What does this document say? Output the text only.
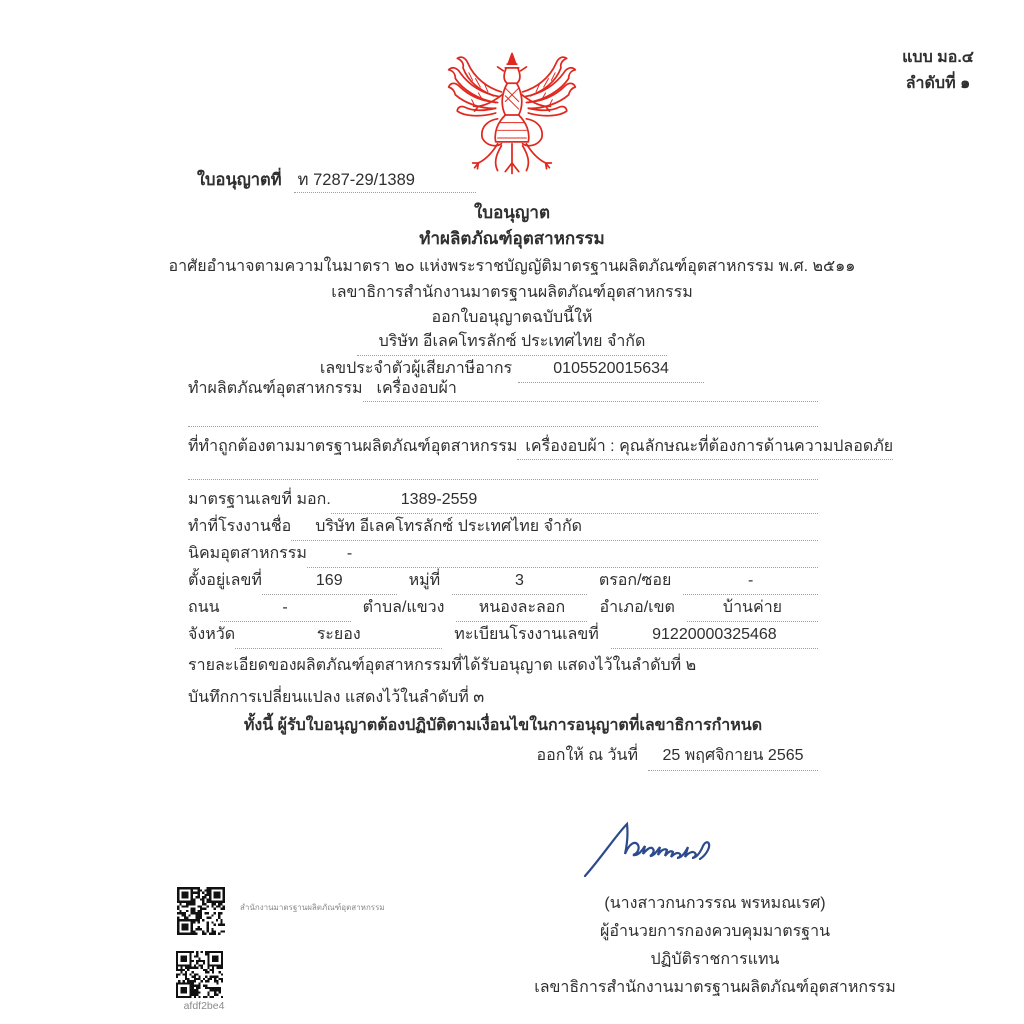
แบบ มอ.๔
ลำดับที่ ๑
ใบอนุญาตที่ ท 7287-29/1389
ใบอนุญาต
ทำผลิตภัณฑ์อุตสาหกรรม
อาศัยอำนาจตามความในมาตรา ๒๐ แห่งพระราชบัญญัติมาตรฐานผลิตภัณฑ์อุตสาหกรรม พ.ศ. ๒๕๑๑
เลขาธิการสำนักงานมาตรฐานผลิตภัณฑ์อุตสาหกรรม
ออกใบอนุญาตฉบับนี้ให้
บริษัท อีเลคโทรลักซ์ ประเทศไทย จำกัด
เลขประจำตัวผู้เสียภาษีอากร	0105520015634
ทำผลิตภัณฑ์อุตสาหกรรม เครื่องอบผ้า
ที่ทำถูกต้องตามมาตรฐานผลิตภัณฑ์อุตสาหกรรม เครื่องอบผ้า : คุณลักษณะที่ต้องการด้านความปลอดภัย
มาตรฐานเลขที่ มอก.	1389-2559
ทำที่โรงงานชื่อ	บริษัท อีเลคโทรลักซ์ ประเทศไทย จำกัด
นิคมอุตสาหกรรม	-
ตั้งอยู่เลขที่	169	หมู่ที่	3	ตรอก/ซอย	-
ถนน	-	ตำบล/แขวง	หนองละลอก	อำเภอ/เขต	บ้านค่าย
จังหวัด	ระยอง	ทะเบียนโรงงานเลขที่	91220000325468
รายละเอียดของผลิตภัณฑ์อุตสาหกรรมที่ได้รับอนุญาต แสดงไว้ในลำดับที่ ๒
บันทึกการเปลี่ยนแปลง แสดงไว้ในลำดับที่ ๓
ทั้งนี้ ผู้รับใบอนุญาตต้องปฏิบัติตามเงื่อนไขในการอนุญาตที่เลขาธิการกำหนด
ออกให้ ณ วันที่	25 พฤศจิกายน 2565
(นางสาวกนกวรรณ พรหมณเรศ)
ผู้อำนวยการกองควบคุมมาตรฐาน
ปฏิบัติราชการแทน
เลขาธิการสำนักงานมาตรฐานผลิตภัณฑ์อุตสาหกรรม
สำนักงานมาตรฐานผลิตภัณฑ์อุตสาหกรรม
afdf2be4
